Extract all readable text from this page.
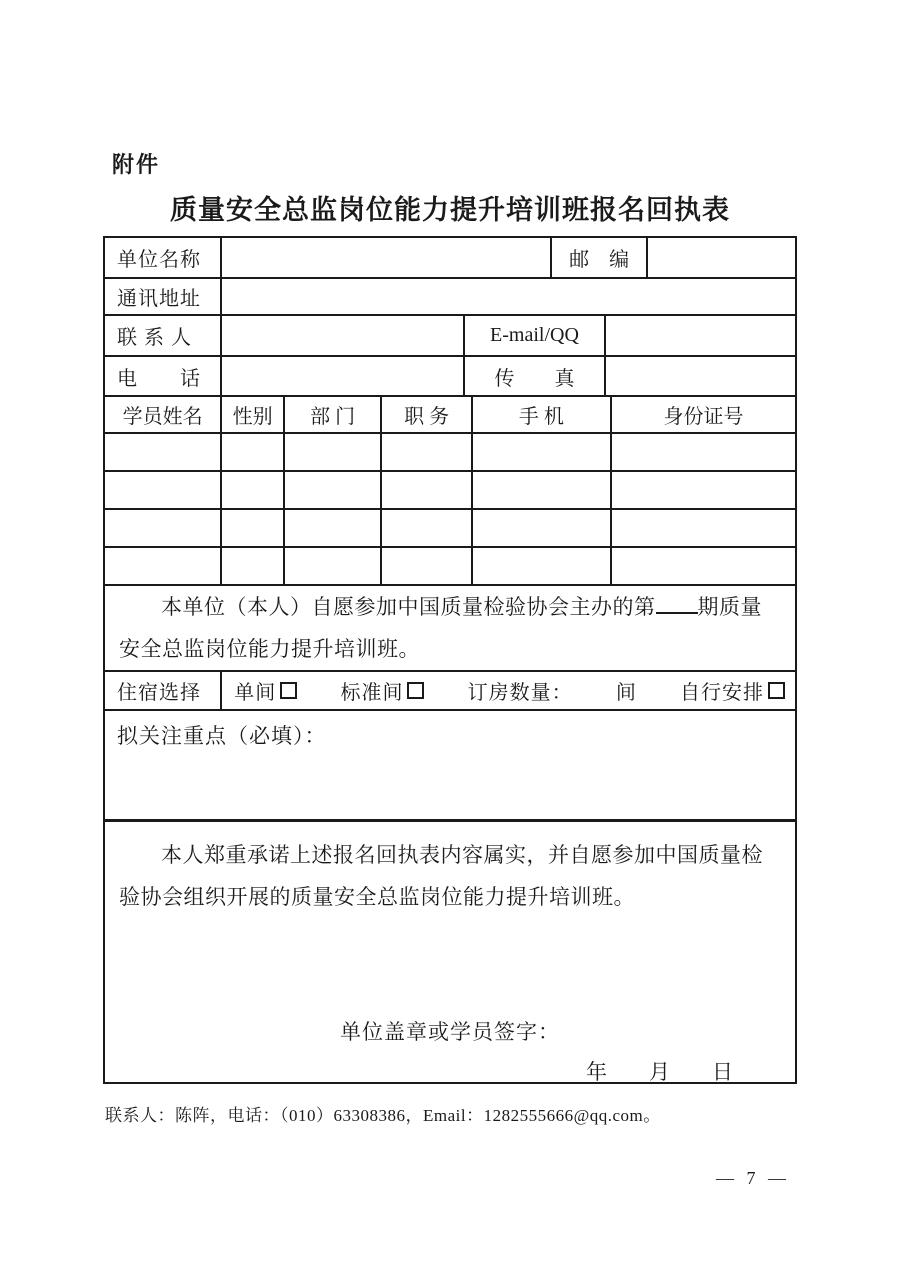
附件
质量安全总监岗位能力提升培训班报名回执表
单位名称	邮　编
通讯地址
联 系 人	E-mail/QQ
电　　话	传　　真
学员姓名	性别	部 门	职 务	手 机	身份证号
本单位（本人）自愿参加中国质量检验协会主办的第 期质量
安全总监岗位能力提升培训班。
住宿选择	单间	标准间	订房数量： 间 自行安排
拟关注重点（必填）：
本人郑重承诺上述报名回执表内容属实，并自愿参加中国质量检
验协会组织开展的质量安全总监岗位能力提升培训班。
单位盖章或学员签字：
年 月 日
联系人：陈阵，电话：（010）63308386，Email：1282555666@qq.com。
— 7 —
